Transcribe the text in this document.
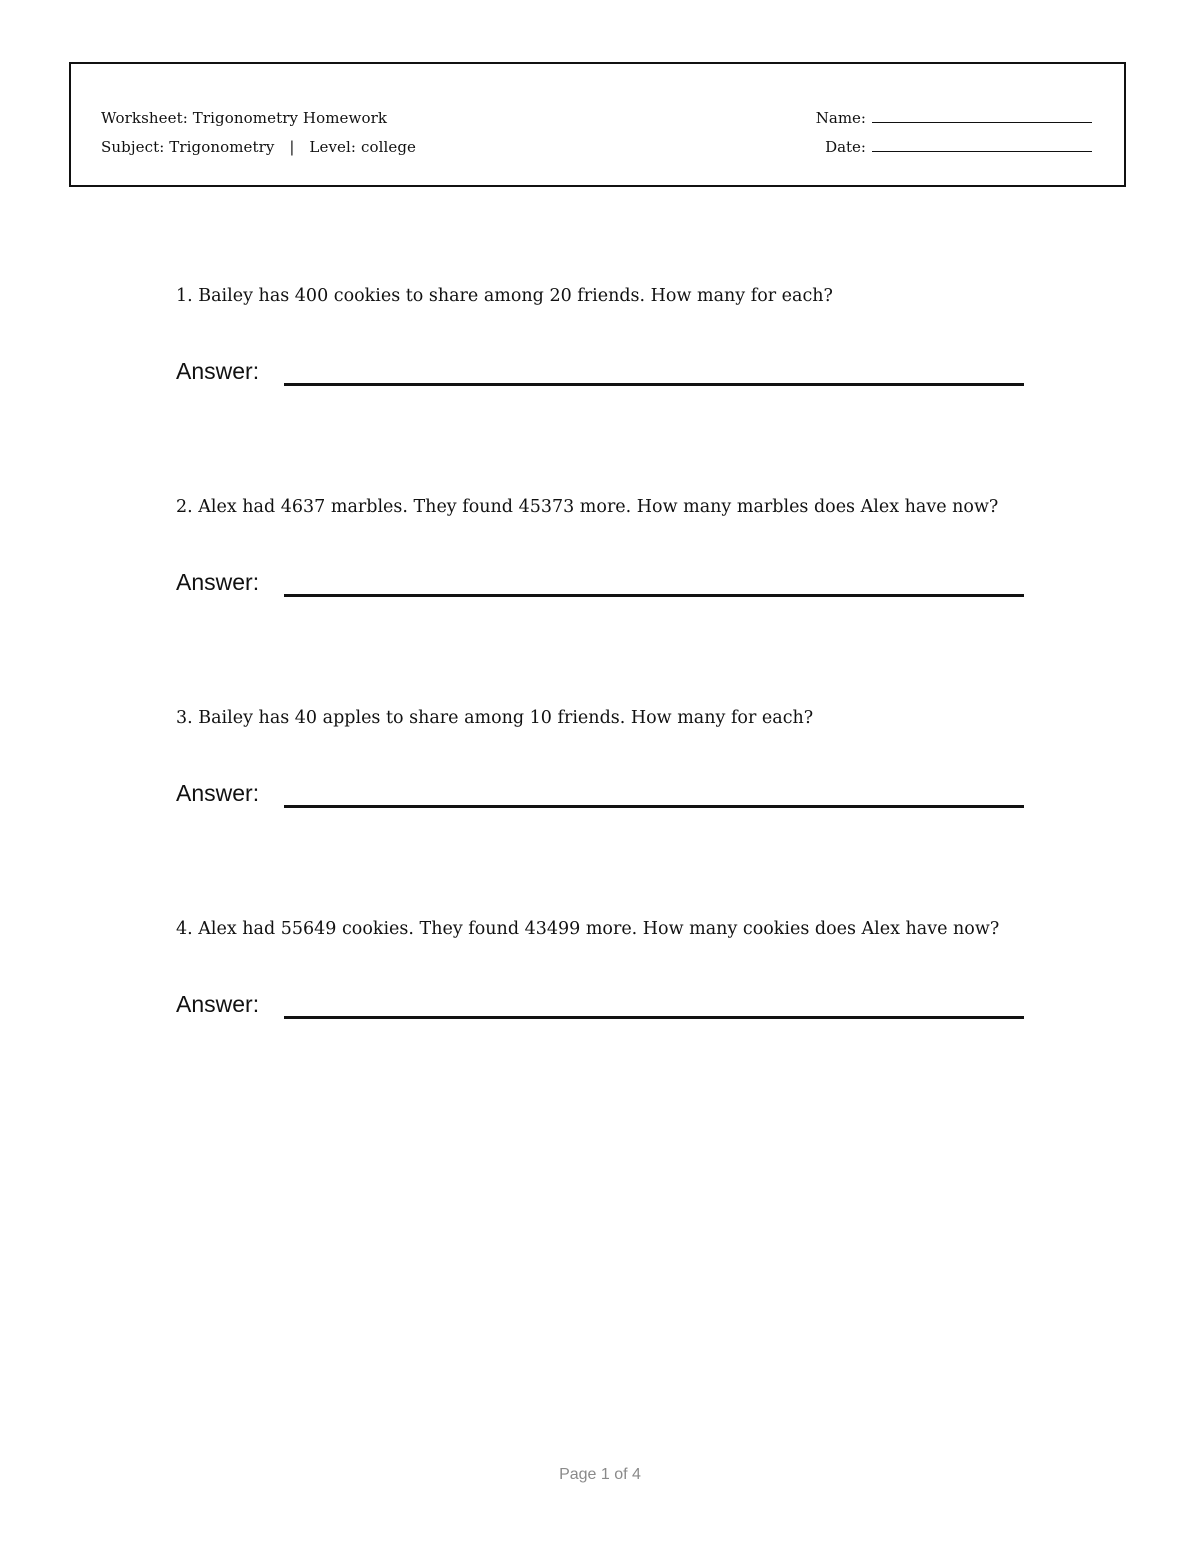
Worksheet: Trigonometry Homework
Subject: Trigonometry | Level: college
Name:
Date:
1. Bailey has 400 cookies to share among 20 friends. How many for each?
Answer:
2. Alex had 4637 marbles. They found 45373 more. How many marbles does Alex have now?
Answer:
3. Bailey has 40 apples to share among 10 friends. How many for each?
Answer:
4. Alex had 55649 cookies. They found 43499 more. How many cookies does Alex have now?
Answer:
Page 1 of 4
